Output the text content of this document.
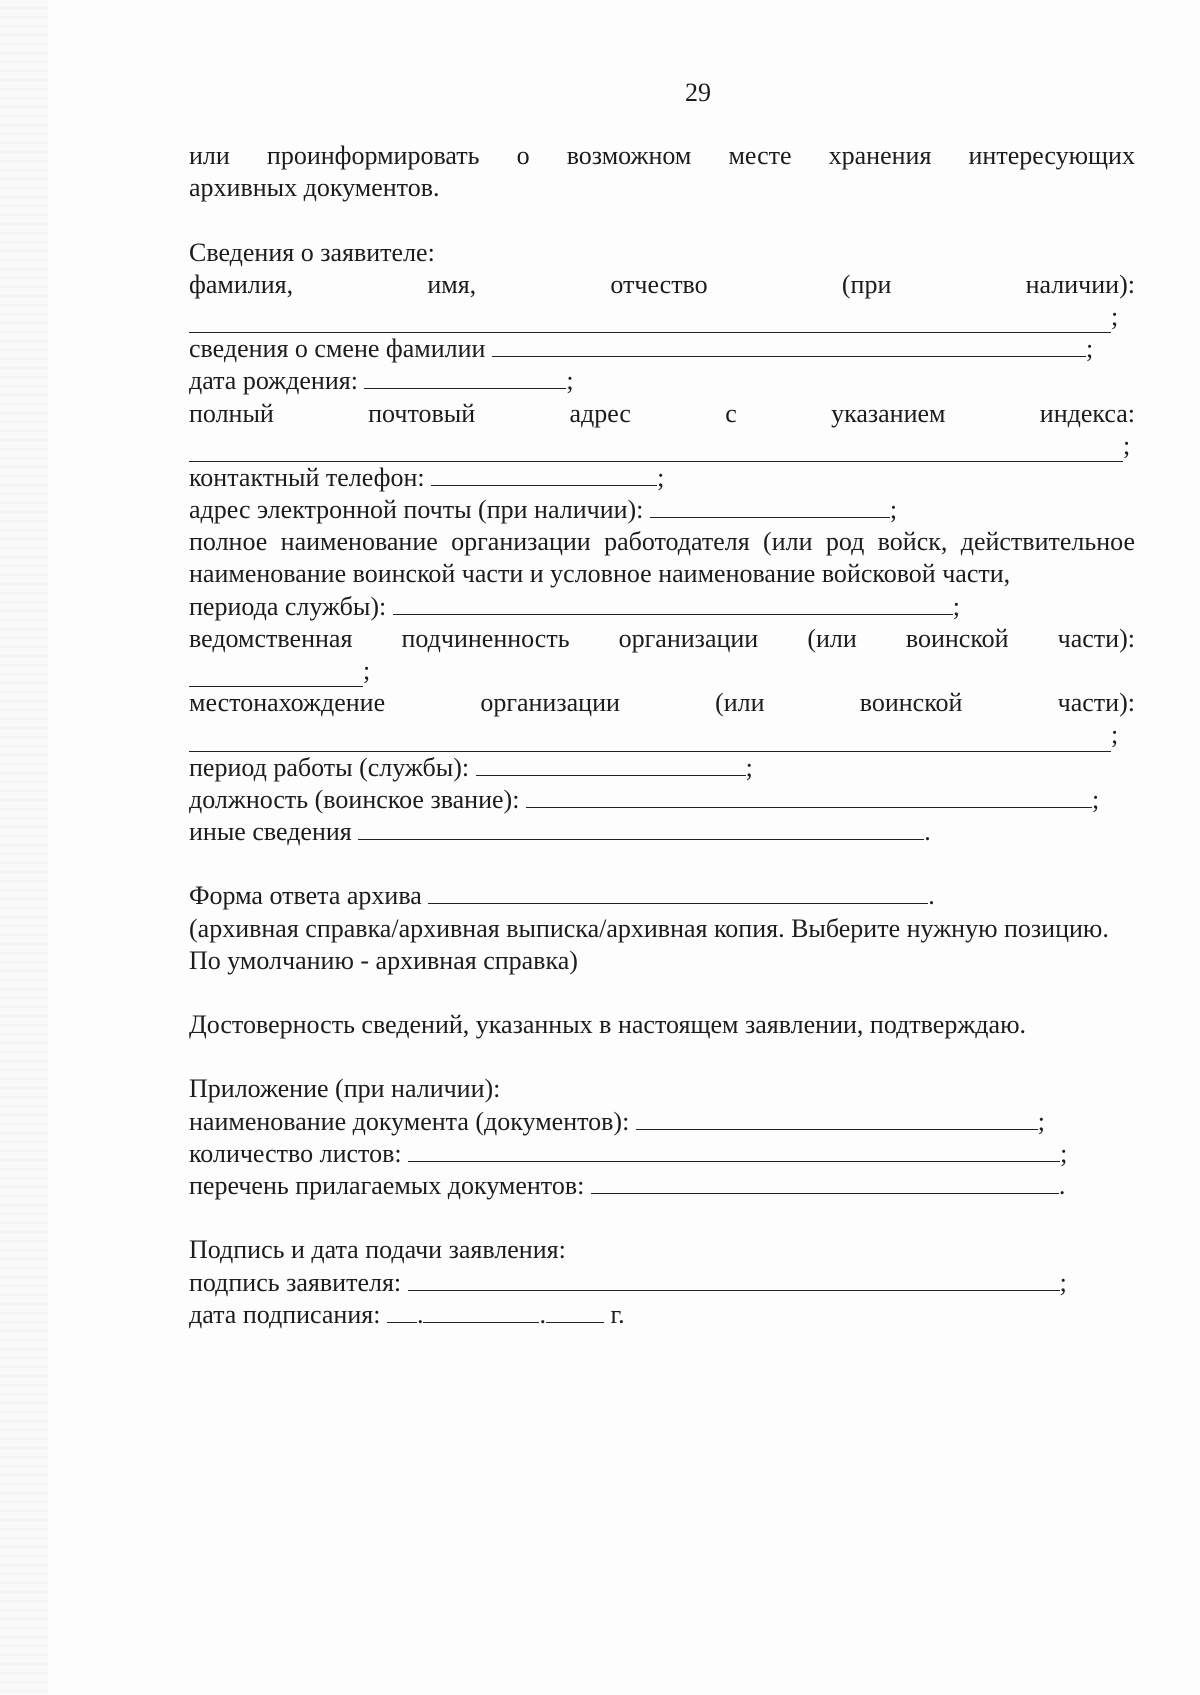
29
или проинформировать о возможном месте хранения интересующих
архивных документов.
Сведения о заявителе:
фамилия,	имя,	отчество	(при	наличии):
;
сведения о смене фамилии	;
дата рождения:	;
полный	почтовый	адрес	с	указанием	индекса:
;
контактный телефон:	;
адрес электронной почты (при наличии):	;
полное наименование организации работодателя (или род войск, действительное наименование воинской части и условное наименование войсковой части,
периода службы):	;
ведомственная подчиненность организации (или воинской части):
;
местонахождение	организации	(или	воинской	части):
;
период работы (службы):	;
должность (воинское звание):	;
иные сведения	.
Форма ответа архива	.
(архивная справка/архивная выписка/архивная копия. Выберите нужную позицию.
По умолчанию - архивная справка)
Достоверность сведений, указанных в настоящем заявлении, подтверждаю.
Приложение (при наличии):
наименование документа (документов):	;
количество листов:	;
перечень прилагаемых документов:	.
Подпись и дата подачи заявления:
подпись заявителя:	;
дата подписания: .	. г.
